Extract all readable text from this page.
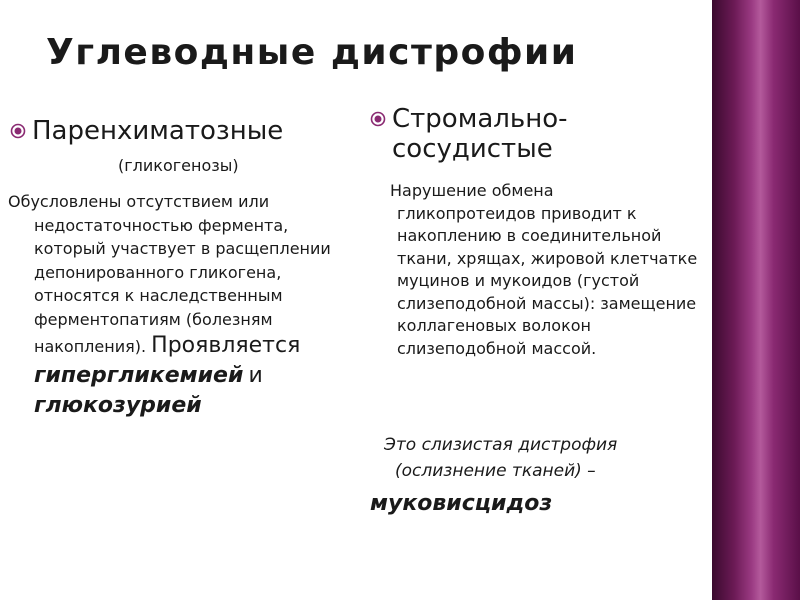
Углеводные дистрофии
Паренхиматозные
(гликогенозы)
Обусловлены отсутствием или
недостаточностью фермента, который участвует в расщеплении депонированного гликогена, относятся к наследственным ферментопатиям (болезням накопления). Проявляется гипергликемией и глюкозурией
Стромально-сосудистые
Нарушение обмена
гликопротеидов приводит к накоплению в соединительной ткани, хрящах, жировой клетчатке муцинов и мукоидов (густой слизеподобной массы): замещение коллагеновых волокон слизеподобной массой.
Это слизистая дистрофия
(ослизнение тканей) –
муковисцидоз
